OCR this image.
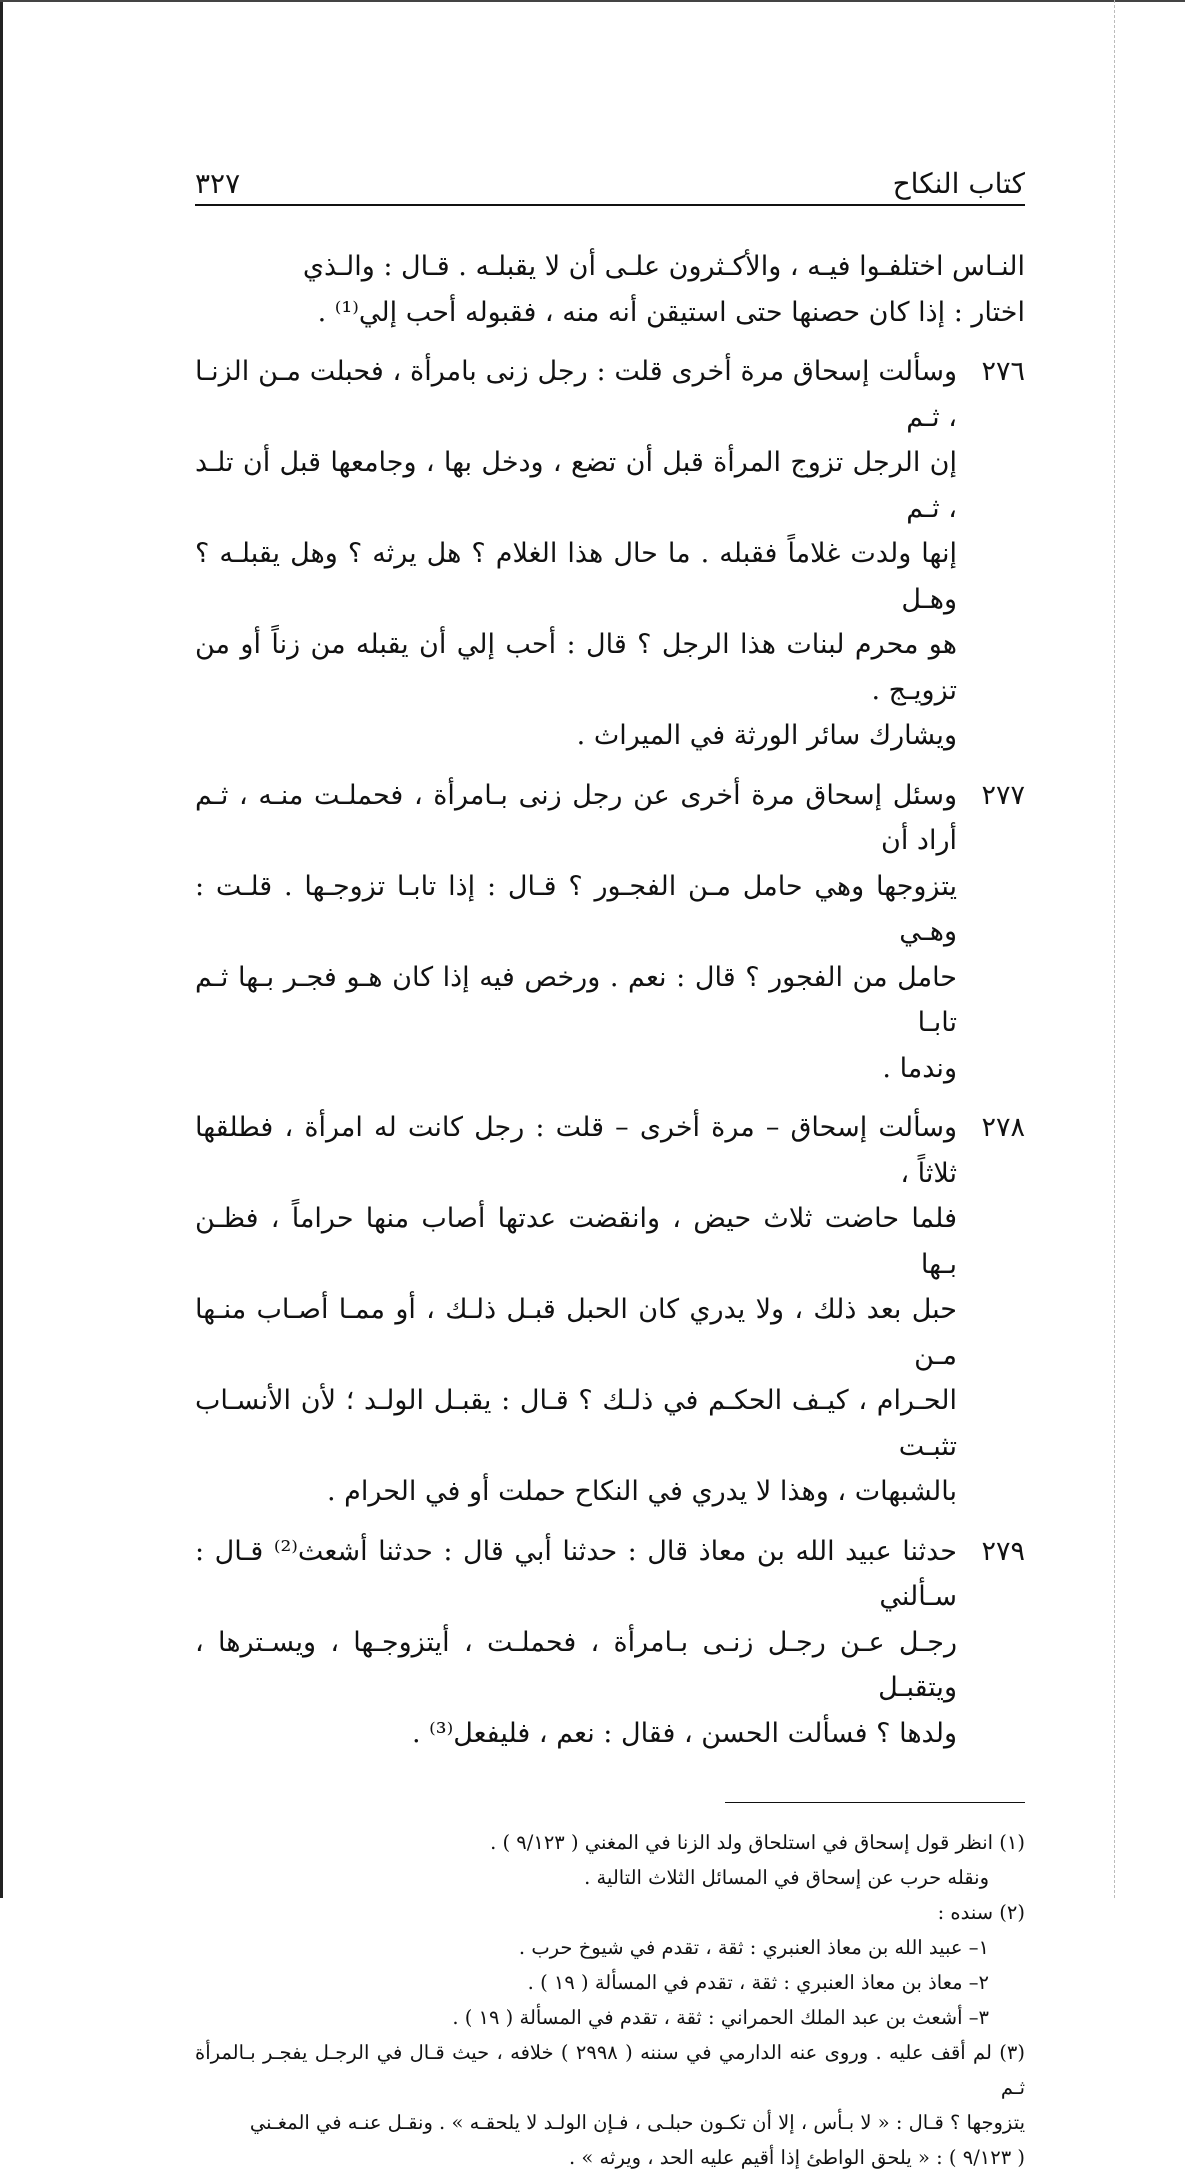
كتاب النكاح
٣٢٧

النـاس اختلفـوا فيـه ، والأكـثرون علـى أن لا يقبلـه . قـال : والـذي

اختار : إذا كان حصنها حتى استيقن أنه منه ، فقبوله أحب إلي⁽¹⁾ .

٢٧٦

وسألت إسحاق مرة أخرى قلت : رجل زنى بامرأة ، فحبلت مـن الزنـا ، ثـم

إن الرجل تزوج المرأة قبل أن تضع ، ودخل بها ، وجامعها قبل أن تلـد ، ثـم

إنها ولدت غلاماً فقبله . ما حال هذا الغلام ؟ هل يرثه ؟ وهل يقبلـه ؟ وهـل

هو محرم لبنات هذا الرجل ؟ قال : أحب إلي أن يقبله من زناً أو من تزويـج .

ويشارك سائر الورثة في الميراث .

٢٧٧

وسئل إسحاق مرة أخرى عن رجل زنى بـامرأة ، فحملـت منـه ، ثـم أراد أن

يتزوجها وهي حامل مـن الفجـور ؟ قـال : إذا تابـا تزوجـها . قلـت : وهـي

حامل من الفجور ؟ قال : نعم . ورخص فيه إذا كان هـو فجـر بـها ثـم تابـا

وندما .

٢٧٨

وسألت إسحاق – مرة أخرى – قلت : رجل كانت له امرأة ، فطلقها ثلاثاً ،

فلما حاضت ثلاث حيض ، وانقضت عدتها أصاب منها حراماً ، فظـن بـها

حبل بعد ذلك ، ولا يدري كان الحبل قبـل ذلـك ، أو ممـا أصـاب منـها مـن

الحـرام ، كيـف الحكـم في ذلـك ؟ قـال : يقبـل الولـد ؛ لأن الأنسـاب تثبـت

بالشبهات ، وهذا لا يدري في النكاح حملت أو في الحرام .

٢٧٩

حدثنا عبيد الله بن معاذ قال : حدثنا أبي قال : حدثنا أشعث⁽²⁾ قـال : سـألني

رجـل عـن رجـل زنـى بـامرأة ، فحملـت ، أيتزوجـها ، ويسـترها ، ويتقبـل

ولدها ؟ فسألت الحسن ، فقال : نعم ، فليفعل⁽³⁾ .

(١) انظر قول إسحاق في استلحاق ولد الزنا في المغني ( ٩/١٢٣ ) .

ونقله حرب عن إسحاق في المسائل الثلاث التالية .

(٢) سنده :

١– عبيد الله بن معاذ العنبري : ثقة ، تقدم في شيوخ حرب .

٢– معاذ بن معاذ العنبري : ثقة ، تقدم في المسألة ( ١٩ ) .

٣– أشعث بن عبد الملك الحمراني : ثقة ، تقدم في المسألة ( ١٩ ) .

(٣) لم أقف عليه . وروى عنه الدارمي في سننه ( ٢٩٩٨ ) خلافه ، حيث قـال في الرجـل يفجـر بـالمرأة ثـم

يتزوجها ؟ قـال : « لا بـأس ، إلا أن تكـون حبلـى ، فـإن الولـد لا يلحقـه » . ونقـل عنـه في المغـني

( ٩/١٢٣ ) : « يلحق الواطئ إذا أقيم عليه الحد ، ويرثه » .
